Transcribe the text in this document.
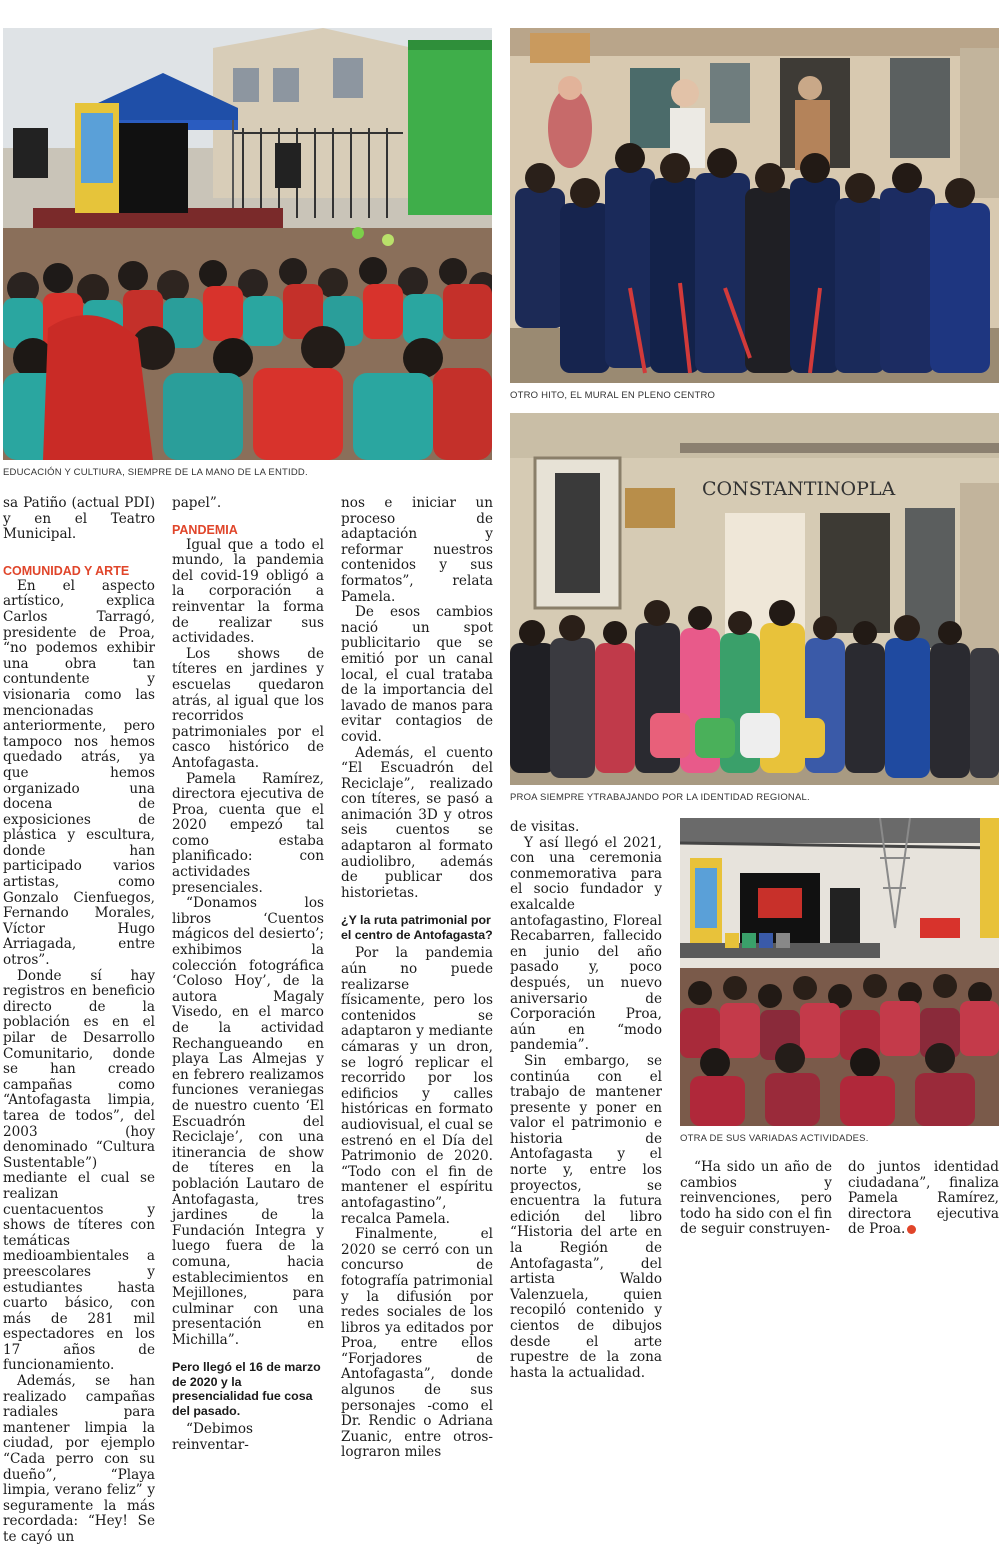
EDUCACIÓN Y CULTIURA, SIEMPRE DE LA MANO DE LA ENTIDD.
OTRO HITO, EL MURAL EN PLENO CENTRO
CONSTANTINOPLA
PROA SIEMPRE YTRABAJANDO POR LA IDENTIDAD REGIONAL.
OTRA DE SUS VARIADAS ACTIVIDADES.

sa Patiño (actual PDI) y en el Teatro Municipal.

COMUNIDAD Y ARTE

En el aspecto artístico, explica Carlos Tarragó, presidente de Proa, “no podemos exhibir una obra tan contundente y visionaria como las mencionadas anteriormente, pero tampoco nos hemos quedado atrás, ya que hemos organizado una docena de exposiciones de plástica y escultura, donde han participado varios artistas, como Gonzalo Cienfuegos, Fernando Morales, Víctor Hugo Arriagada, entre otros”.

Donde sí hay registros en beneficio directo de la población es en el pilar de Desarrollo Comunitario, donde se han creado campañas como “Antofagasta limpia, tarea de todos”, del 2003 (hoy denominado “Cultura Sustentable”) mediante el cual se realizan cuentacuentos y shows de títeres con temáticas medioambientales a preescolares y estudiantes hasta cuarto básico, con más de 281 mil espectadores en los 17 años de funcionamiento.

Además, se han realizado campañas radiales para mantener limpia la ciudad, por ejemplo “Cada perro con su dueño”, “Playa limpia, verano feliz” y seguramente la más recordada: “Hey! Se te cayó un

papel”.

PANDEMIA

Igual que a todo el mundo, la pandemia del covid-19 obligó a la corporación a reinventar la forma de realizar sus actividades.

Los shows de títeres en jardines y escuelas quedaron atrás, al igual que los recorridos patrimoniales por el casco histórico de Antofagasta.

Pamela Ramírez, directora ejecutiva de Proa, cuenta que el 2020 empezó tal como estaba planificado: con actividades presenciales.

“Donamos los libros ‘Cuentos mágicos del desierto’; exhibimos la colección fotográfica ‘Coloso Hoy’, de la autora Magaly Visedo, en el marco de la actividad Rechangueando en playa Las Almejas y en febrero realizamos funciones veraniegas de nuestro cuento ‘El Escuadrón del Reciclaje’, con una itinerancia de show de títeres en la población Lautaro de Antofagasta, tres jardines de la Fundación Integra y luego fuera de la comuna, hacia establecimientos en Mejillones, para culminar con una presentación en Michilla”.

Pero llegó el 16 de marzo de 2020 y la presencialidad fue cosa del pasado.

“Debimos reinventar-

nos e iniciar un proceso de adaptación y reformar nuestros contenidos y sus formatos”, relata Pamela.

De esos cambios nació un spot publicitario que se emitió por un canal local, el cual trataba de la importancia del lavado de manos para evitar contagios de covid.

Además, el cuento “El Escuadrón del Reciclaje”, realizado con títeres, se pasó a animación 3D y otros seis cuentos se adaptaron al formato audiolibro, además de publicar dos historietas.

¿Y la ruta patrimonial por el centro de Antofagasta?

Por la pandemia aún no puede realizarse físicamente, pero los contenidos se adaptaron y mediante cámaras y un dron, se logró replicar el recorrido por los edificios y calles históricas en formato audiovisual, el cual se estrenó en el Día del Patrimonio de 2020. “Todo con el fin de mantener el espíritu antofagastino”, recalca Pamela.

Finalmente, el 2020 se cerró con un concurso de fotografía patrimonial y la difusión por redes sociales de los libros ya editados por Proa, entre ellos “Forjadores de Antofagasta”, donde algunos de sus personajes -como el Dr. Rendic o Adriana Zuanic, entre otros- lograron miles

de visitas.

Y así llegó el 2021, con una ceremonia conmemorativa para el socio fundador y exalcalde antofagastino, Floreal Recabarren, fallecido en junio del año pasado y, poco después, un nuevo aniversario de Corporación Proa, aún en “modo pandemia”.

Sin embargo, se continúa con el trabajo de mantener presente y poner en valor el patrimonio e historia de Antofagasta y el norte y, entre los proyectos, se encuentra la futura edición del libro “Historia del arte en la Región de Antofagasta”, del artista Waldo Valenzuela, quien recopiló contenido y cientos de dibujos desde el arte rupestre de la zona hasta la actualidad.

“Ha sido un año de cambios y reinvenciones, pero todo ha sido con el fin de seguir construyen-

do juntos identidad ciudadana”, finaliza Pamela Ramírez, directora ejecutiva de Proa.
